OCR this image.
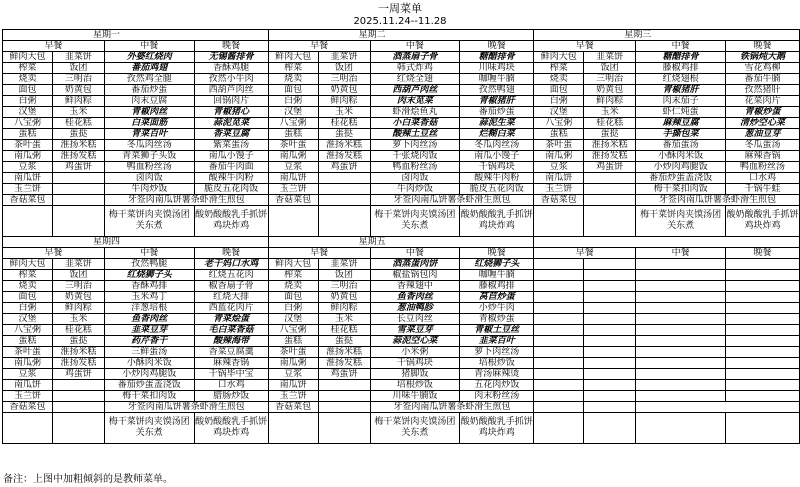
一周菜单
2025.11.24--11.28
星期一				星期二				星期三			
早餐		中餐	晚餐	早餐		中餐	晚餐	早餐		中餐	晚餐
鲜肉大包	韭菜饼	外婆红烧肉	无锡酱排骨	鲜肉大包	韭菜饼	酒蒸扇子骨	糖醋排骨	鲜肉大包	韭菜饼	糖醋排骨	铁锅炖大鹅
榨菜	饭团	番茄鸡翅	香酥鸡腿	榨菜	饭团	韩式炸鸡	川味鸡块	榨菜	饭团	藤椒鸡排	雪花鸡柳
烧卖	三明治	孜然鸡全腿	孜然小牛肉	烧卖	三明治	红烧全翅	咖喱牛腩	烧卖	三明治	红烧翅根	番茄牛腩
面包	奶黄包	番茄炒蛋	西葫芦肉丝	面包	奶黄包	西葫芦肉丝	孜然鸭翅	面包	奶黄包	青椒猪肝	孜然猪肝
白粥	鲜肉粽	肉末豆腐	回锅肉片	白粥	鲜肉粽	肉末苋菜	青椒猪肝	白粥	鲜肉粽	肉末茄子	花菜肉片
汉堡	玉米	青椒肉丝	青椒猪心	汉堡	玉米	虾滑烩鱼丸	番茄炒蛋	汉堡	玉米	虾仁炖蛋	青椒炒蛋
八宝粥	桂花糕	白菜面筋	蒜泥苋菜	八宝粥	桂花糕	小白菜香菇	蒜泥生菜	八宝粥	桂花糕	麻辣豆腐	清炒空心菜
蛋糕	蛋挞	青菜百叶	香菜豆腐	蛋糕	蛋挞	酸辣土豆丝	烂糊白菜	蛋糕	蛋挞	手撕包菜	葱油豆芽
茶叶蛋	淮扬米糕	冬瓜肉丝汤	紫菜蛋汤	茶叶蛋	淮扬米糕	萝卜肉丝汤	冬瓜肉丝汤	茶叶蛋	淮扬米糕	番茄蛋汤	冬瓜蛋汤
南瓜粥	淮扬发糕	青菜狮子头饭	南瓜小馒子	南瓜粥	淮扬发糕	千张烧肉饭	南瓜小馒子	南瓜粥	淮扬发糕	小酥肉米饭	麻辣香锅
豆浆	鸡蛋饼	鸭血粉丝汤	番茄牛肉面	豆浆	鸡蛋饼	鸭血粉丝汤	千锅鸡块	豆浆	鸡蛋饼	小炒肉鸡腿饭	鸭血粉丝汤
南瓜饼		卤肉饭	酸辣牛肉粉	南瓜饼		卤肉饭	酸辣牛肉粉	南瓜饼		番茄炒蛋盖浇饭	口水鸡
玉兰饼		牛肉炒饭	脆皮五花肉饭	玉兰饼		牛肉炒饭	脆皮五花肉饭	玉兰饼		梅干菜扣肉饭	千锅牛蛙
香菇菜包		牙签肉南瓜饼薯条虾滑生煎包		香菇菜包		牙签肉南瓜饼薯条虾滑生煎包		香菇菜包		牙签肉南瓜饼薯条虾滑生煎包	
		梅干菜饼肉夹馍汤团关东煮	酸奶酸酸乳手抓饼鸡块炸鸡			梅干菜饼肉夹馍汤团关东煮	酸奶酸酸乳手抓饼鸡块炸鸡			梅干菜饼肉夹馍汤团关东煮	酸奶酸酸乳手抓饼鸡块炸鸡
星期四				星期五							
早餐		中餐	晚餐	早餐		中餐	晚餐	早餐		中餐	晚餐
鲜肉大包	韭菜饼	孜然鸭腿	老干妈口水鸡	鲜肉大包	韭菜饼	酒蒸蛋肉饼	红烧狮子头				
榨菜	饭团	红烧狮子头	红烧五花肉	榨菜	饭团	椒盐锅包肉	咖喱牛腩				
烧卖	三明治	香酥鸡排	椒香扇子骨	烧卖	三明治	香辣翅中	藤椒鸡排				
面包	奶黄包	玉米鸡丁	红烧大排	面包	奶黄包	鱼香肉丝	莴苣炒蛋				
白粥	鲜肉粽	洋葱培根	西蓝花肉片	白粥	鲜肉粽	葱油鸭胗	小炒牛肉				
汉堡	玉米	鱼香肉丝	青菜烩蛋	汉堡	玉米	长豆肉丝	青椒炒蛋				
八宝粥	桂花糕	韭菜豆芽	毛白菜香菇	八宝粥	桂花糕	雪菜豆芽	青椒土豆丝				
蛋糕	蛋挞	药芹香干	酸辣海带	蛋糕	蛋挞	蒜泥空心菜	韭菜百叶				
茶叶蛋	淮扬米糕	三鲜蛋汤	香菜豆腐羹	茶叶蛋	淮扬米糕	小米粥	萝卜肉丝汤				
南瓜粥	淮扬发糕	小酥肉米饭	麻辣香锅	南瓜粥	淮扬发糕	干锅鸡块	培根炒饭				
豆浆	鸡蛋饼	小炒肉鸡腿饭	干锅毕中宝	豆浆	鸡蛋饼	猪脚饭	青汤麻辣烫				
南瓜饼		番茄炒蛋盖浇饭	口水鸡	南瓜饼		培根炒饭	五花肉炒饭				
玉兰饼		梅干菜扣肉饭	腊肠炒饭	玉兰饼		川味牛腩饭	肉末粉丝汤				
香菇菜包		牙签肉南瓜饼薯条虾滑生煎包		香菇菜包		牙签肉南瓜饼薯条虾滑生煎包					
		梅干菜饼肉夹馍汤团关东煮	酸奶酸酸乳手抓饼鸡块炸鸡			梅干菜饼肉夹馍汤团关东煮	酸奶酸酸乳手抓饼鸡块炸鸡				
备注：上图中加粗倾斜的是教师菜单。
